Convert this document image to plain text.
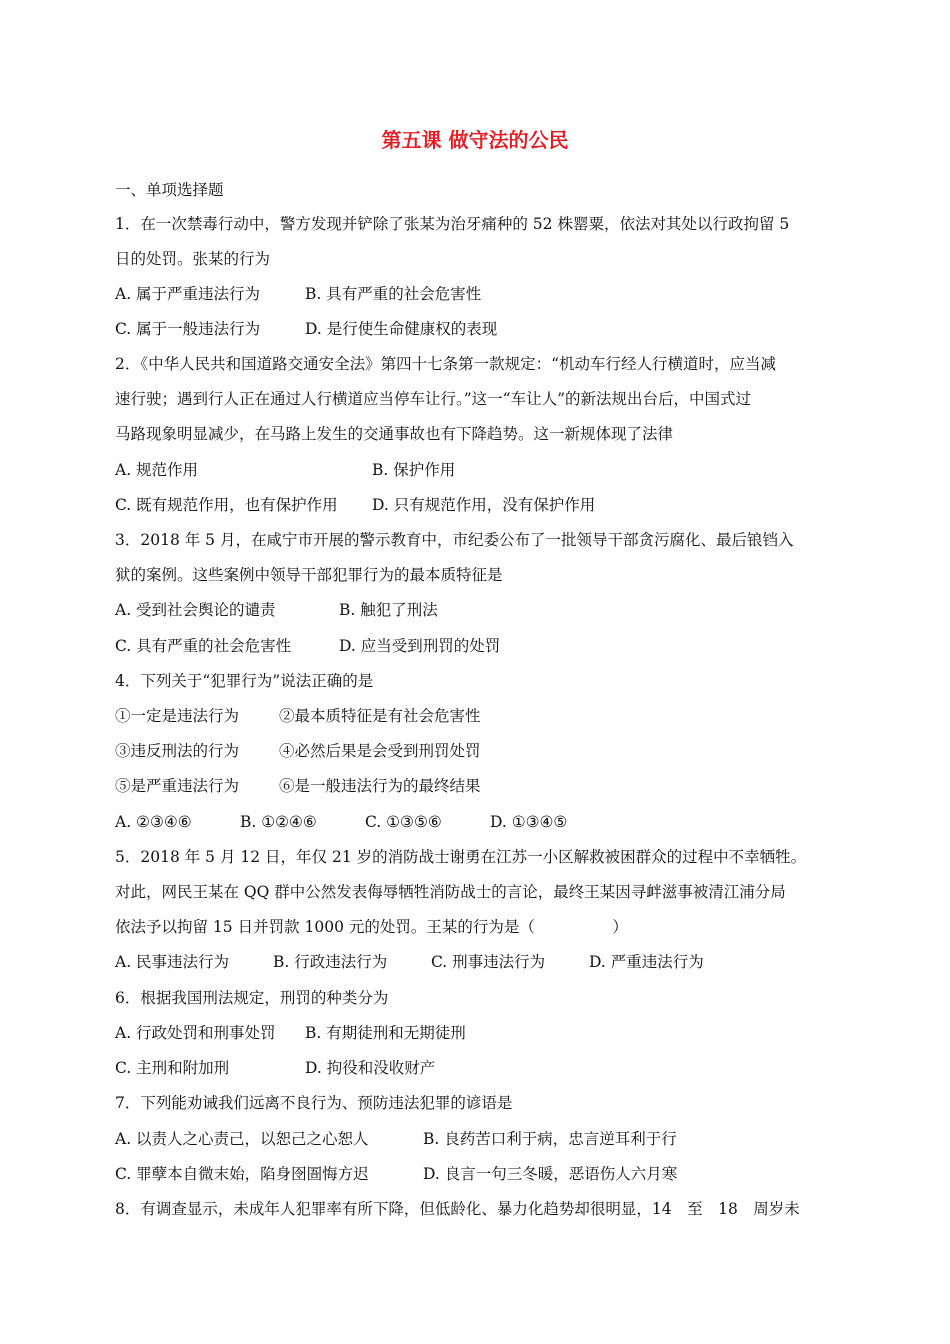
第五课 做守法的公民
一、单项选择题
1．在一次禁毒行动中，警方发现并铲除了张某为治牙痛种的 52 株罂粟，依法对其处以行政拘留 5
日的处罚。张某的行为
A. 属于严重违法行为	B. 具有严重的社会危害性
C. 属于一般违法行为	D. 是行使生命健康权的表现
2．《中华人民共和国道路交通安全法》第四十七条第一款规定：“机动车行经人行横道时，应当减
速行驶；遇到行人正在通过人行横道应当停车让行。”这一“车让人”的新法规出台后，中国式过
马路现象明显减少，在马路上发生的交通事故也有下降趋势。这一新规体现了法律
A. 规范作用	B. 保护作用
C. 既有规范作用，也有保护作用 D. 只有规范作用，没有保护作用
3．2018 年 5 月，在咸宁市开展的警示教育中，市纪委公布了一批领导干部贪污腐化、最后锒铛入
狱的案例。这些案例中领导干部犯罪行为的最本质特征是
A. 受到社会舆论的谴责	B. 触犯了刑法
C. 具有严重的社会危害性	D. 应当受到刑罚的处罚
4．下列关于“犯罪行为”说法正确的是
①一定是违法行为	②最本质特征是有社会危害性
③违反刑法的行为	④必然后果是会受到刑罚处罚
⑤是严重违法行为	⑥是一般违法行为的最终结果
A. ②③④⑥	B. ①②④⑥	C. ①③⑤⑥	D. ①③④⑤
5．2018 年 5 月 12 日，年仅 21 岁的消防战士谢勇在江苏一小区解救被困群众的过程中不幸牺牲。
对此，网民王某在 QQ 群中公然发表侮辱牺牲消防战士的言论，最终王某因寻衅滋事被清江浦分局
依法予以拘留 15 日并罚款 1000 元的处罚。王某的行为是（　　　　　）
A. 民事违法行为	B. 行政违法行为	C. 刑事违法行为	D. 严重违法行为
6．根据我国刑法规定，刑罚的种类分为
A. 行政处罚和刑事处罚 B. 有期徒刑和无期徒刑
C. 主刑和附加刑	D. 拘役和没收财产
7．下列能劝诫我们远离不良行为、预防违法犯罪的谚语是
A. 以责人之心责己，以恕己之心恕人	B. 良药苦口利于病，忠言逆耳利于行
C. 罪孽本自微末始，陷身囹圄悔方迟	D. 良言一句三冬暖，恶语伤人六月寒
8．有调查显示，未成年人犯罪率有所下降，但低龄化、暴力化趋势却很明显，14　至　18　周岁未
